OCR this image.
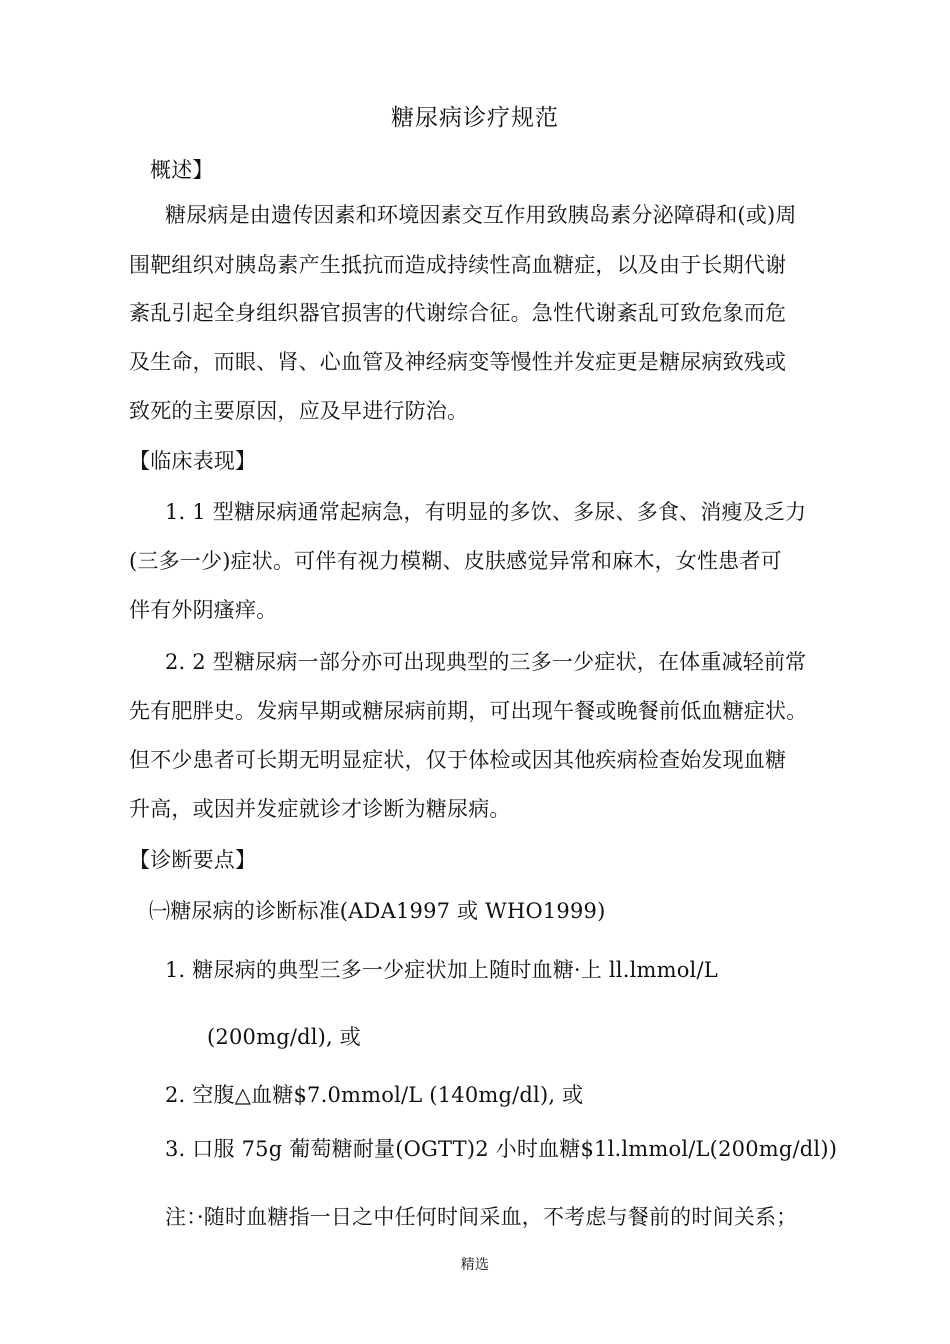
糖尿病诊疗规范
概述】
糖尿病是由遗传因素和环境因素交互作用致胰岛素分泌障碍和(或)周
围靶组织对胰岛素产生抵抗而造成持续性高血糖症，以及由于长期代谢
紊乱引起全身组织器官损害的代谢综合征。急性代谢紊乱可致危象而危
及生命，而眼、肾、心血管及神经病变等慢性并发症更是糖尿病致残或
致死的主要原因，应及早进行防治。
【临床表现】
1. 1 型糖尿病通常起病急，有明显的多饮、多尿、多食、消瘦及乏力
(三多一少)症状。可伴有视力模糊、皮肤感觉异常和麻木，女性患者可
伴有外阴瘙痒。
2. 2 型糖尿病一部分亦可出现典型的三多一少症状，在体重减轻前常
先有肥胖史。发病早期或糖尿病前期，可出现午餐或晚餐前低血糖症状。
但不少患者可长期无明显症状，仅于体检或因其他疾病检查始发现血糖
升高，或因并发症就诊才诊断为糖尿病。
【诊断要点】
㈠糖尿病的诊断标准(ADA1997 或 WHO1999)
1. 糖尿病的典型三多一少症状加上随时血糖·上 ll.lmmol/L
(200mg/dl), 或
2. 空腹△血糖$7.0mmol/L (140mg/dl), 或
3. 口服 75g 葡萄糖耐量(OGTT)2 小时血糖$1l.lmmol/L(200mg/dl))
注：·随时血糖指一日之中任何时间采血，不考虑与餐前的时间关系；
精选
